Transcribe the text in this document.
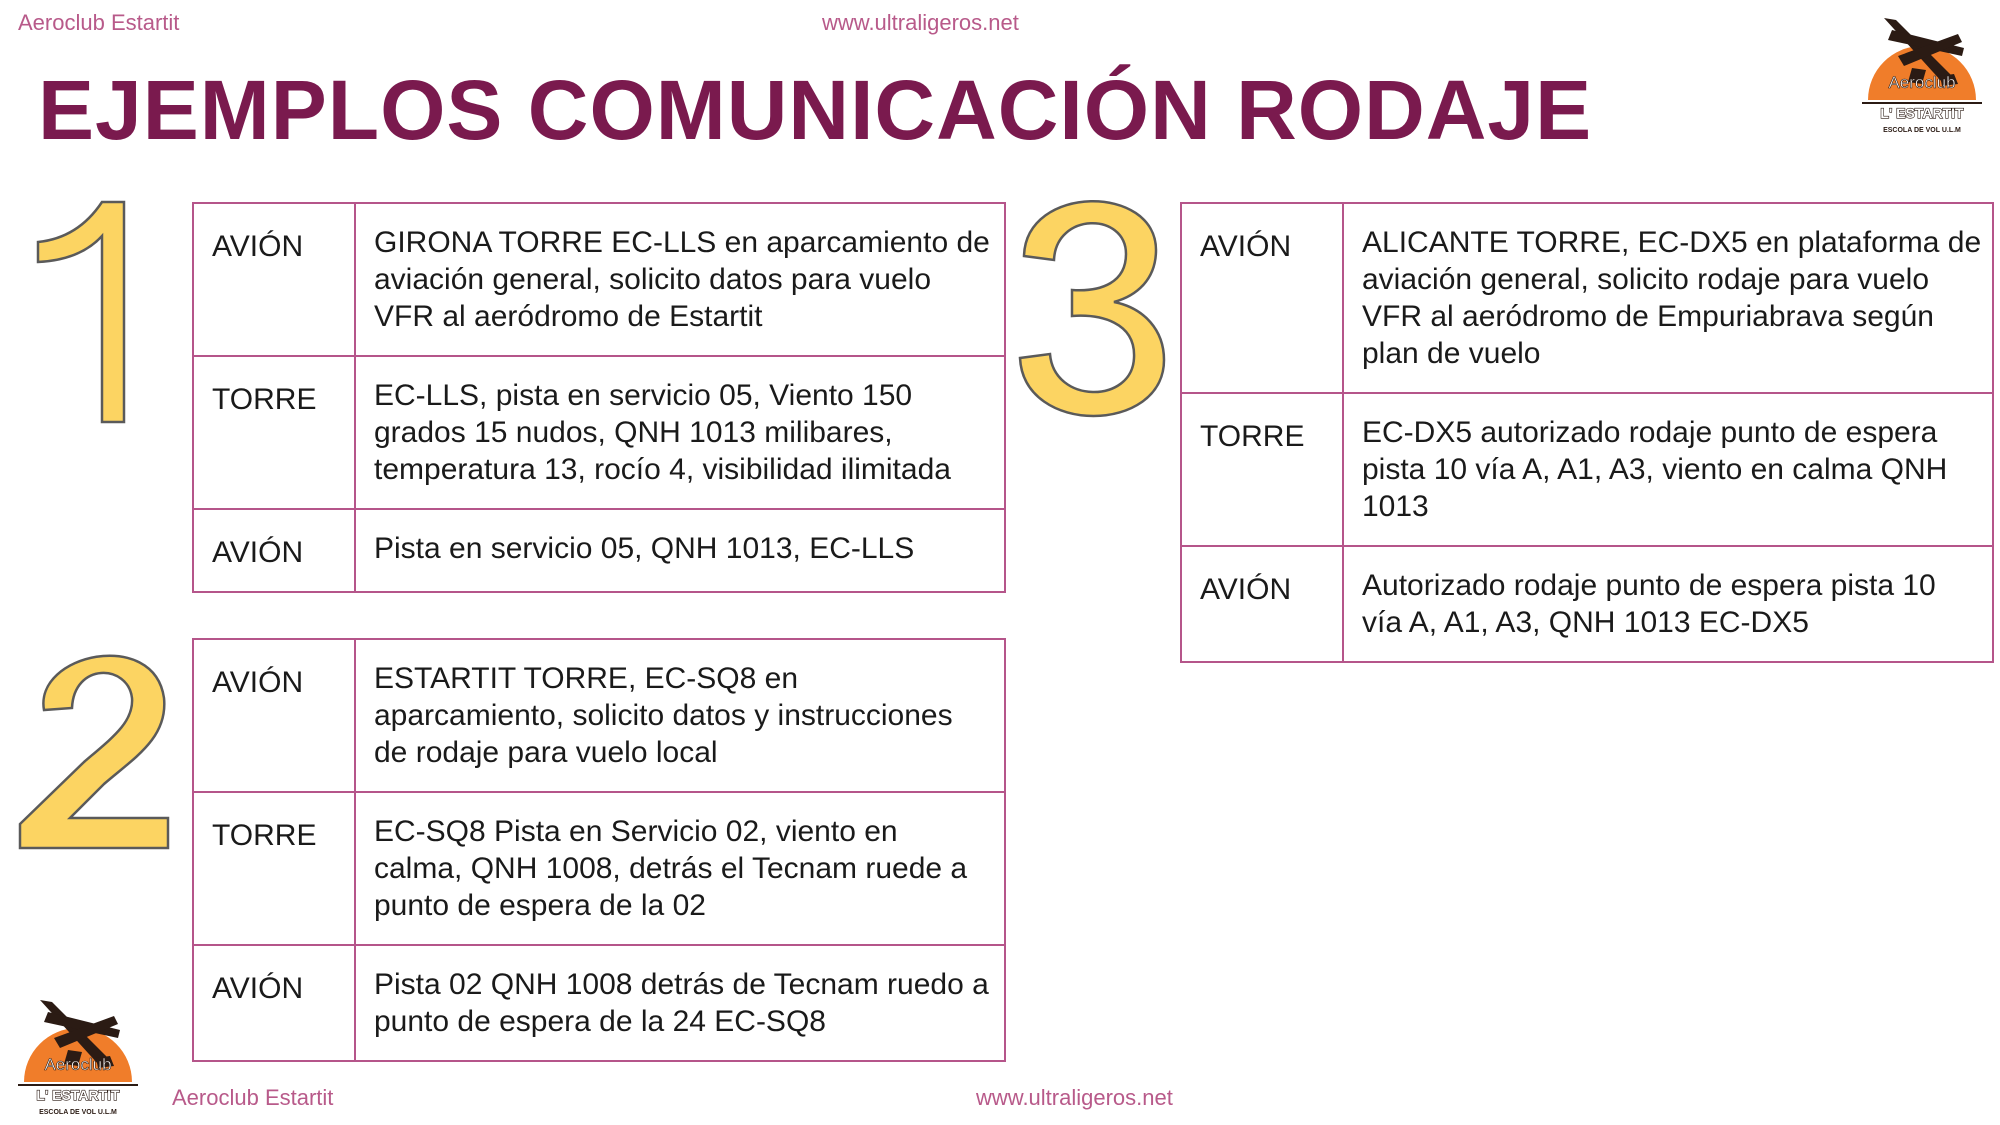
Aeroclub Estartit	www.ultraligeros.net
EJEMPLOS COMUNICACIÓN RODAJE	Aeroclub
L' ESTARTIT
ESCOLA DE VOL U.L.M
AVIÓN	GIRONA TORRE EC-LLS en aparcamiento de aviación general, solicito datos para vuelo VFR al aeródromo de Estartit
TORRE	EC-LLS, pista en servicio 05, Viento 150 grados 15 nudos, QNH 1013 milibares, temperatura 13, rocío 4, visibilidad ilimitada
AVIÓN	Pista en servicio 05, QNH 1013, EC-LLS
AVIÓN	ESTARTIT TORRE, EC-SQ8 en aparcamiento, solicito datos y instrucciones de rodaje para vuelo local
TORRE	EC-SQ8 Pista en Servicio 02, viento en calma, QNH 1008, detrás el Tecnam ruede a punto de espera de la 02
AVIÓN	Pista 02 QNH 1008 detrás de Tecnam ruedo a punto de espera de la 24 EC-SQ8
AVIÓN	ALICANTE TORRE, EC-DX5 en plataforma de aviación general, solicito rodaje para vuelo VFR al aeródromo de Empuriabrava según plan de vuelo
TORRE	EC-DX5 autorizado rodaje punto de espera pista 10 vía A, A1, A3, viento en calma QNH 1013
AVIÓN	Autorizado rodaje punto de espera pista 10 vía A, A1, A3, QNH 1013 EC-DX5
Aeroclub
L' ESTARTIT
ESCOLA DE VOL U.L.M
Aeroclub Estartit	www.ultraligeros.net
